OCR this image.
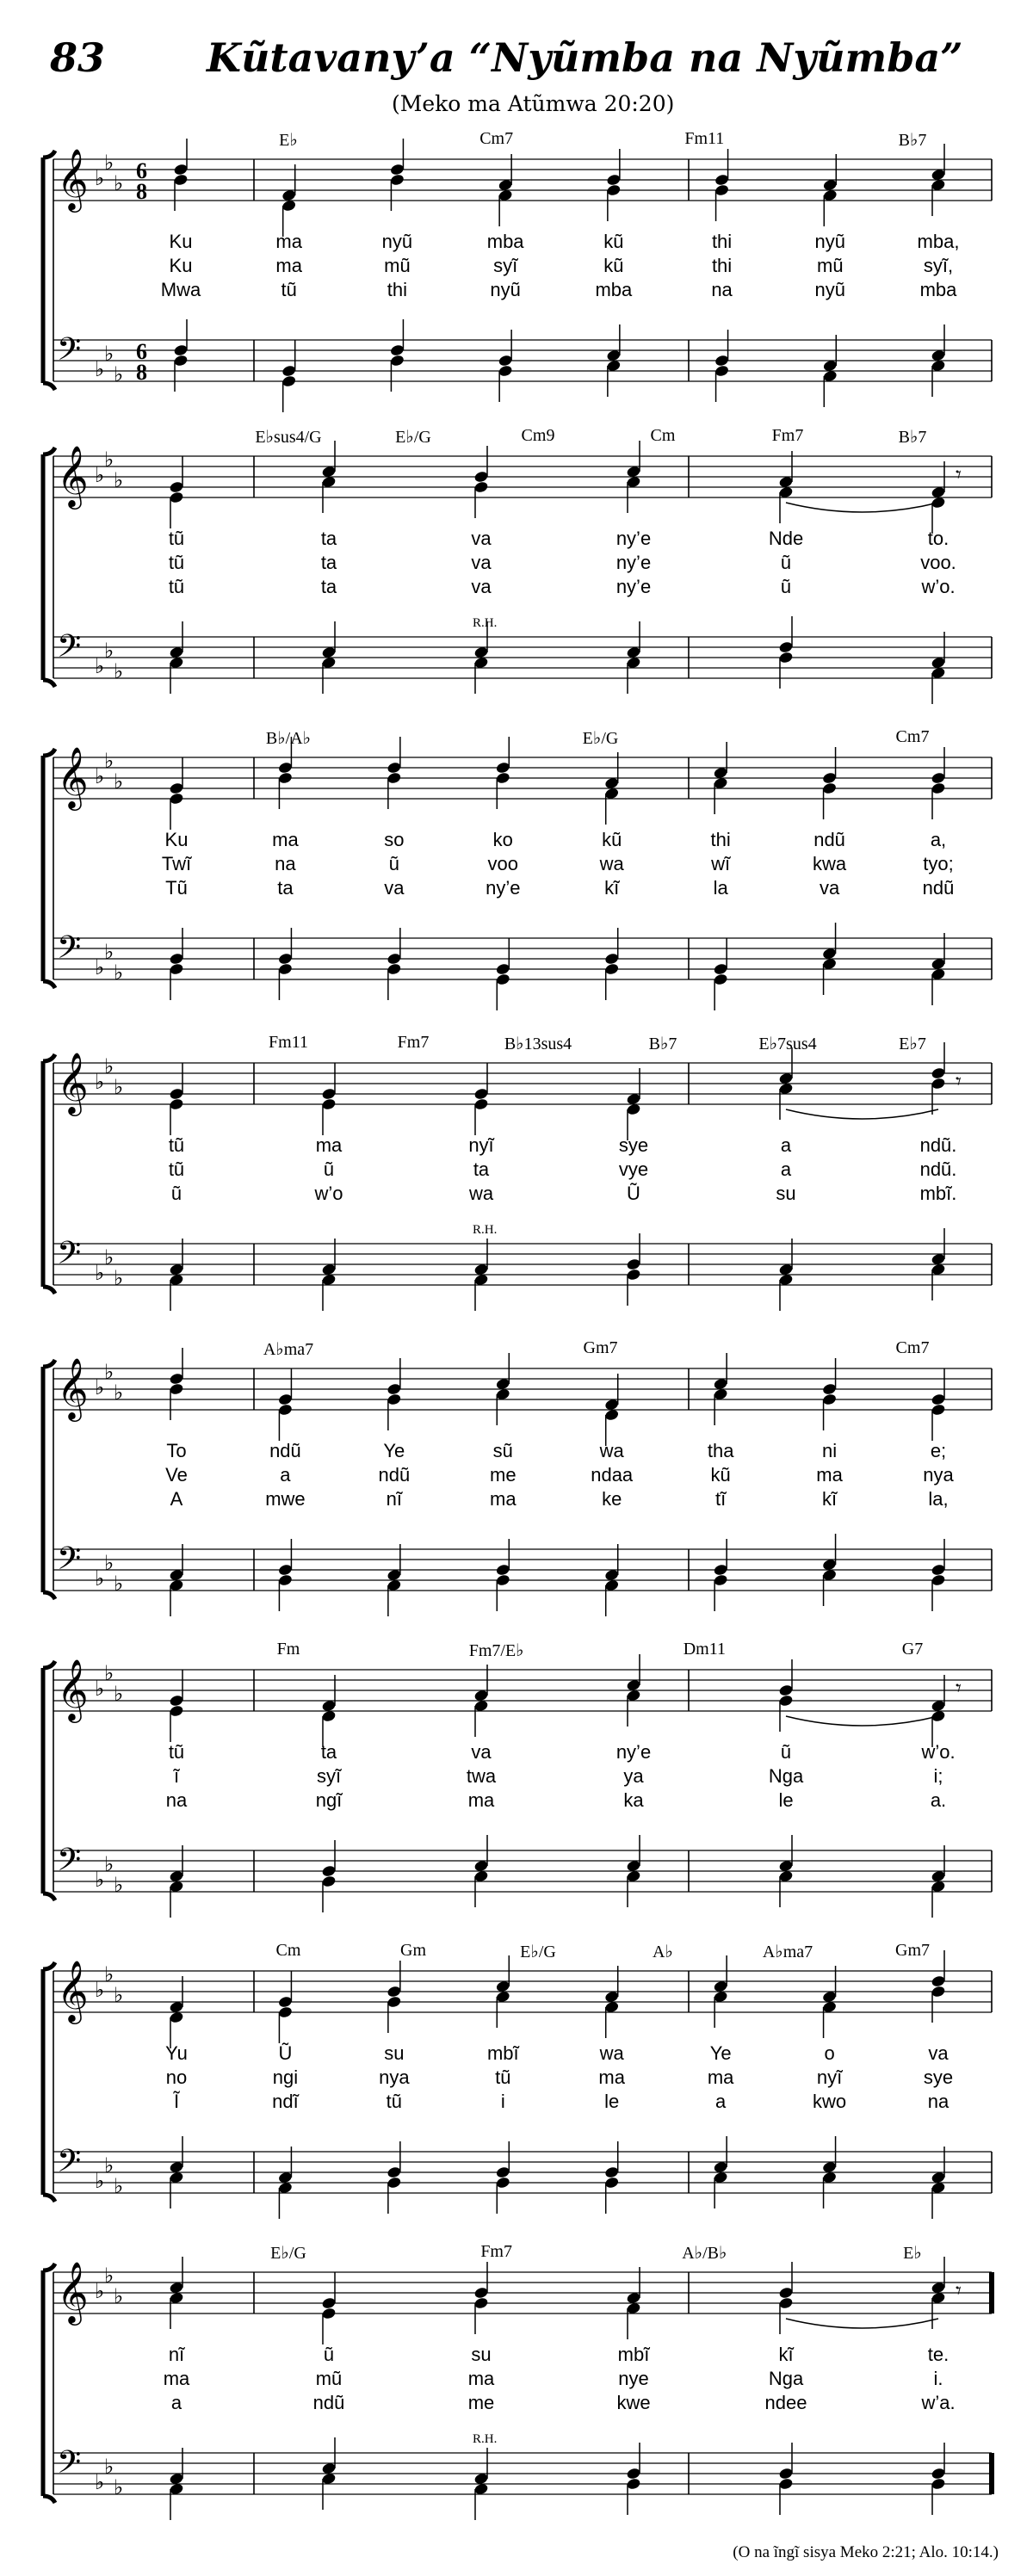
83	Kũtavany’a “Nyũmba na Nyũmba”
(Meko ma Atũmwa 20:20)
𝄞 ♭
♭
♭ 6
8
𝄢 ♭
♭
♭
6
8
E♭	Cm7	Fm11	B♭7
Ku	ma	nyũ	mba	kũ	thi	nyũ	mba,
Ku	ma	mũ	syĩ	kũ	thi	mũ	syĩ,
Mwa	tũ	thi	nyũ	mba	na	nyũ	mba
𝄞 ♭
♭
♭
𝄢 ♭
♭
♭
𝄾
E♭sus4/G	E♭/G	Cm9	Cm	Fm7	B♭7
tũ	ta	va	ny’e	Nde	to.
tũ	ta	va	ny’e	ũ	voo.
tũ	ta	va	ny’e	ũ	w’o.
R.H.
𝄞 ♭
♭
♭
𝄢 ♭
♭
♭
B♭/A♭	E♭/G	Cm7
Ku	ma	so	ko	kũ	thi	ndũ	a,
Twĩ	na	ũ	voo	wa	wĩ	kwa	tyo;
Tũ	ta	va	ny’e	kĩ	la	va	ndũ
𝄞 ♭
♭
♭
𝄢 ♭
♭
♭
𝄾
Fm11	Fm7	B♭13sus4	B♭7	E♭7sus4	E♭7
tũ	ma	nyĩ	sye	a	ndũ.
tũ	ũ	ta	vye	a	ndũ.
ũ	w’o	wa	Ũ	su	mbĩ.
R.H.
𝄞 ♭
♭
♭
𝄢 ♭
♭
♭
A♭ma7	Gm7	Cm7
To	ndũ	Ye	sũ	wa	tha	ni	e;
Ve	a	ndũ	me	ndaa	kũ	ma	nya
A	mwe	nĩ	ma	ke	tĩ	kĩ	la,
𝄞 ♭
♭
♭
𝄢 ♭
♭
♭
𝄾
Fm	Fm7/E♭	Dm11	G7
tũ	ta	va	ny’e	ũ	w’o.
ĩ	syĩ	twa	ya	Nga	i;
na	ngĩ	ma	ka	le	a.
𝄞 ♭
♭
♭
𝄢 ♭
♭
♭
Cm	Gm	E♭/G	A♭	A♭ma7	Gm7
Yu	Ũ	su	mbĩ	wa	Ye	o	va
no	ngi	nya	tũ	ma	ma	nyĩ	sye
Ĩ	ndĩ	tũ	i	le	a	kwo	na
𝄞 ♭
♭
♭
𝄢 ♭
♭
♭
𝄾
E♭/G	Fm7	A♭/B♭	E♭
nĩ	ũ	su	mbĩ	kĩ	te.
ma	mũ	ma	nye	Nga	i.
a	ndũ	me	kwe	ndee	w’a.
R.H.
(O na ĩngĩ sisya Meko 2:21; Alo. 10:14.)
